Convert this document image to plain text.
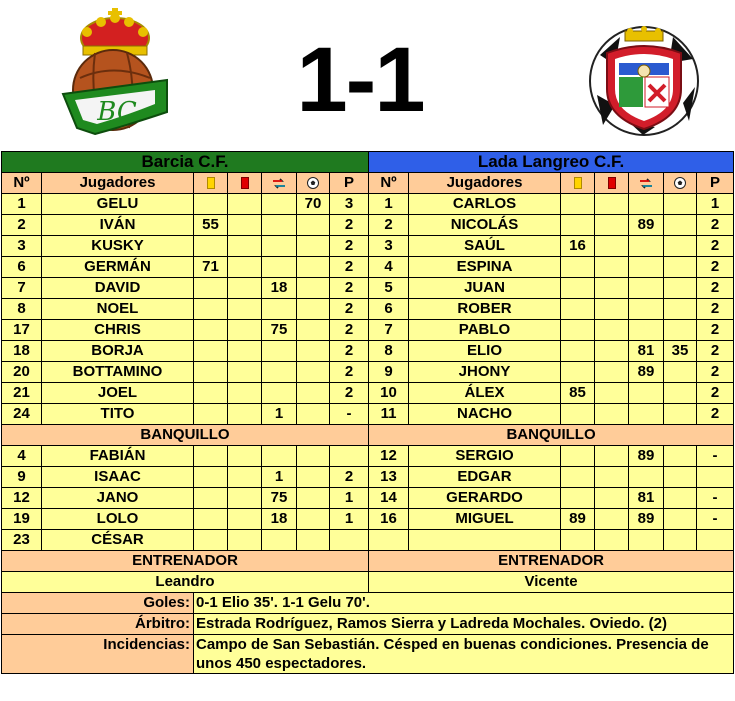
BC 1-1
Barcia C.F.							Lada Langreo C.F.						
Nº	Jugadores					P	Nº	Jugadores					P
1	GELU				70	3	1	CARLOS					1
2	IVÁN	55				2	2	NICOLÁS			89		2
3	KUSKY					2	3	SAÚL	16				2
6	GERMÁN	71				2	4	ESPINA					2
7	DAVID			18		2	5	JUAN					2
8	NOEL					2	6	ROBER					2
17	CHRIS			75		2	7	PABLO					2
18	BORJA					2	8	ELIO			81	35	2
20	BOTTAMINO					2	9	JHONY			89		2
21	JOEL					2	10	ÁLEX	85				2
24	TITO			1		-	11	NACHO					2
BANQUILLO							BANQUILLO						
4	FABIÁN						12	SERGIO			89		-
9	ISAAC			1		2	13	EDGAR					
12	JANO			75		1	14	GERARDO			81		-
19	LOLO			18		1	16	MIGUEL	89		89		-
23	CÉSAR												
ENTRENADOR							ENTRENADOR						
Leandro							Vicente						
Goles:		0-1 Elio 35'. 1-1 Gelu 70'.											
Árbitro:		Estrada Rodríguez, Ramos Sierra y Ladreda Mochales. Oviedo. (2)											
Incidencias:		Campo de San Sebastián. Césped en buenas condiciones. Presencia de unos 450 espectadores.											
